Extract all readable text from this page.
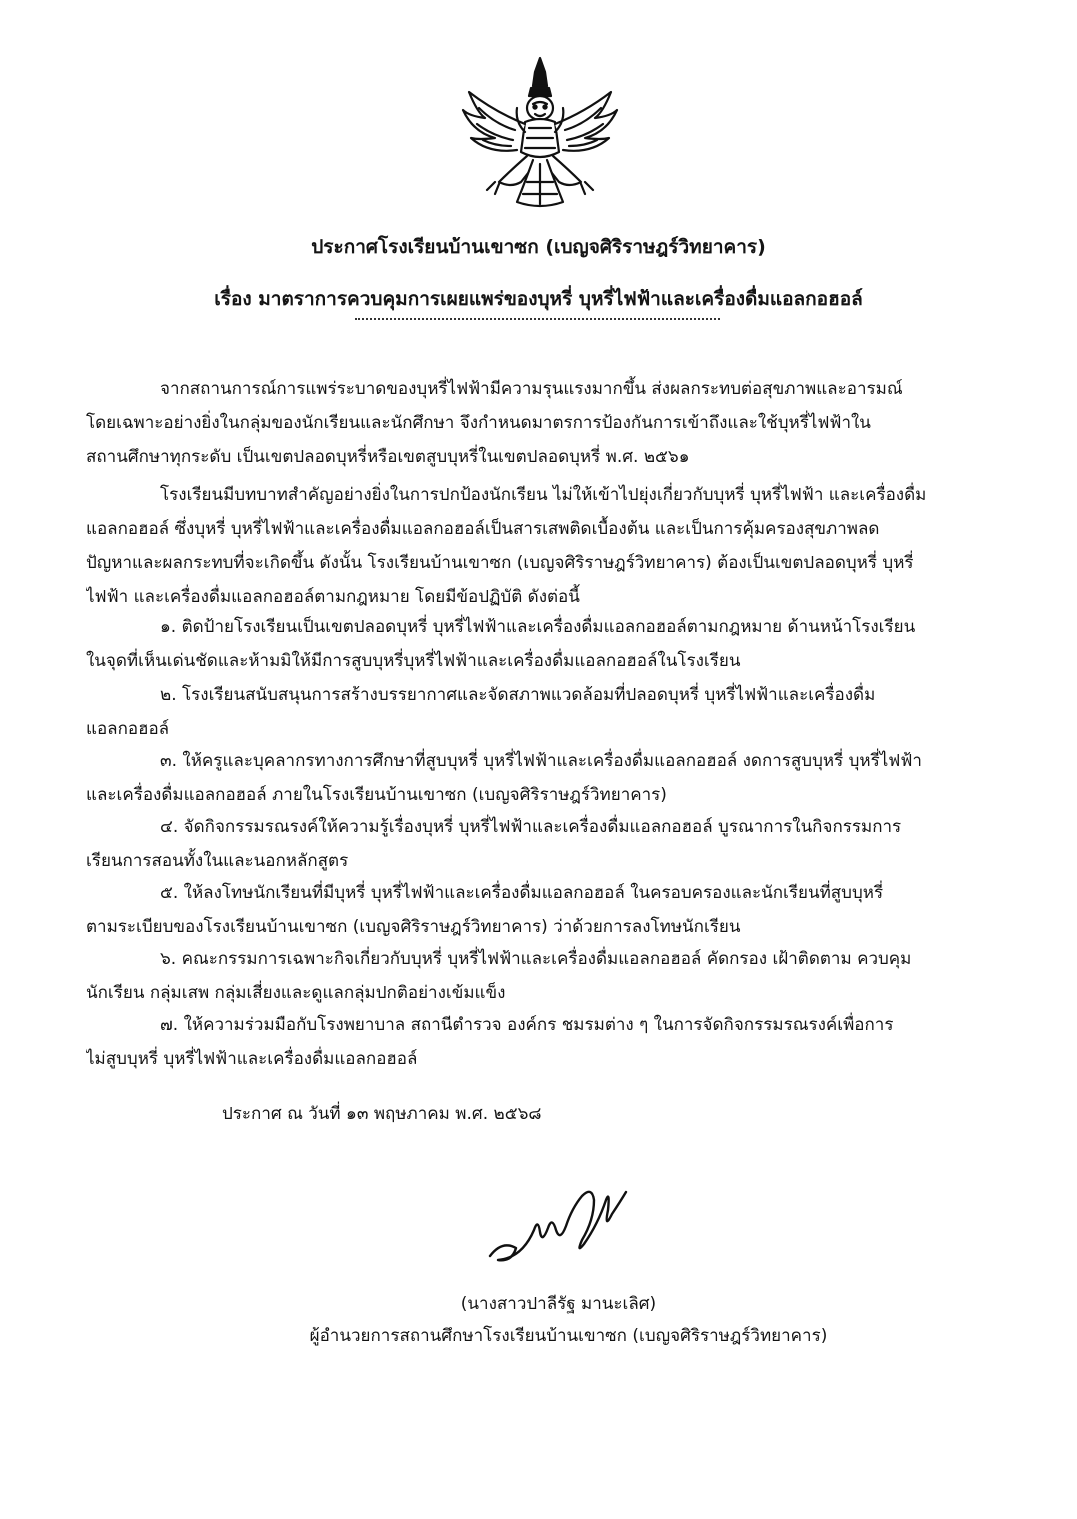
ประกาศโรงเรียนบ้านเขาซก (เบญจศิริราษฎร์วิทยาคาร)
เรื่อง มาตราการควบคุมการเผยแพร่ของบุหรี่ บุหรี่ไฟฟ้าและเครื่องดื่มแอลกอฮอล์
จากสถานการณ์การแพร่ระบาดของบุหรี่ไฟฟ้ามีความรุนแรงมากขึ้น ส่งผลกระทบต่อสุขภาพและอารมณ์
โดยเฉพาะอย่างยิ่งในกลุ่มของนักเรียนและนักศึกษา จึงกำหนดมาตรการป้องกันการเข้าถึงและใช้บุหรี่ไฟฟ้าใน
สถานศึกษาทุกระดับ เป็นเขตปลอดบุหรี่หรือเขตสูบบุหรี่ในเขตปลอดบุหรี่ พ.ศ. ๒๕๖๑
โรงเรียนมีบทบาทสำคัญอย่างยิ่งในการปกป้องนักเรียน ไม่ให้เข้าไปยุ่งเกี่ยวกับบุหรี่ บุหรี่ไฟฟ้า และเครื่องดื่ม
แอลกอฮอล์ ซึ่งบุหรี่ บุหรี่ไฟฟ้าและเครื่องดื่มแอลกอฮอล์เป็นสารเสพติดเบื้องต้น และเป็นการคุ้มครองสุขภาพลด
ปัญหาและผลกระทบที่จะเกิดขึ้น ดังนั้น โรงเรียนบ้านเขาซก (เบญจศิริราษฎร์วิทยาคาร) ต้องเป็นเขตปลอดบุหรี่ บุหรี่
ไฟฟ้า และเครื่องดื่มแอลกอฮอล์ตามกฎหมาย โดยมีข้อปฏิบัติ ดังต่อนี้
๑. ติดป้ายโรงเรียนเป็นเขตปลอดบุหรี่ บุหรี่ไฟฟ้าและเครื่องดื่มแอลกอฮอล์ตามกฎหมาย ด้านหน้าโรงเรียน
ในจุดที่เห็นเด่นชัดและห้ามมิให้มีการสูบบุหรี่บุหรี่ไฟฟ้าและเครื่องดื่มแอลกอฮอล์ในโรงเรียน
๒. โรงเรียนสนับสนุนการสร้างบรรยากาศและจัดสภาพแวดล้อมที่ปลอดบุหรี่ บุหรี่ไฟฟ้าและเครื่องดื่ม
แอลกอฮอล์
๓. ให้ครูและบุคลากรทางการศึกษาที่สูบบุหรี่ บุหรี่ไฟฟ้าและเครื่องดื่มแอลกอฮอล์ งดการสูบบุหรี่ บุหรี่ไฟฟ้า
และเครื่องดื่มแอลกอฮอล์ ภายในโรงเรียนบ้านเขาซก (เบญจศิริราษฎร์วิทยาคาร)
๔. จัดกิจกรรมรณรงค์ให้ความรู้เรื่องบุหรี่ บุหรี่ไฟฟ้าและเครื่องดื่มแอลกอฮอล์ บูรณาการในกิจกรรมการ
เรียนการสอนทั้งในและนอกหลักสูตร
๕. ให้ลงโทษนักเรียนที่มีบุหรี่ บุหรี่ไฟฟ้าและเครื่องดื่มแอลกอฮอล์ ในครอบครองและนักเรียนที่สูบบุหรี่
ตามระเบียบของโรงเรียนบ้านเขาซก (เบญจศิริราษฎร์วิทยาคาร) ว่าด้วยการลงโทษนักเรียน
๖. คณะกรรมการเฉพาะกิจเกี่ยวกับบุหรี่ บุหรี่ไฟฟ้าและเครื่องดื่มแอลกอฮอล์ คัดกรอง เฝ้าติดตาม ควบคุม
นักเรียน กลุ่มเสพ กลุ่มเสี่ยงและดูแลกลุ่มปกติอย่างเข้มแข็ง
๗. ให้ความร่วมมือกับโรงพยาบาล สถานีตำรวจ องค์กร ชมรมต่าง ๆ ในการจัดกิจกรรมรณรงค์เพื่อการ
ไม่สูบบุหรี่ บุหรี่ไฟฟ้าและเครื่องดื่มแอลกอฮอล์
ประกาศ ณ วันที่ ๑๓ พฤษภาคม พ.ศ. ๒๕๖๘
(นางสาวปาลีรัฐ มานะเลิศ)
ผู้อำนวยการสถานศึกษาโรงเรียนบ้านเขาซก (เบญจศิริราษฎร์วิทยาคาร)
